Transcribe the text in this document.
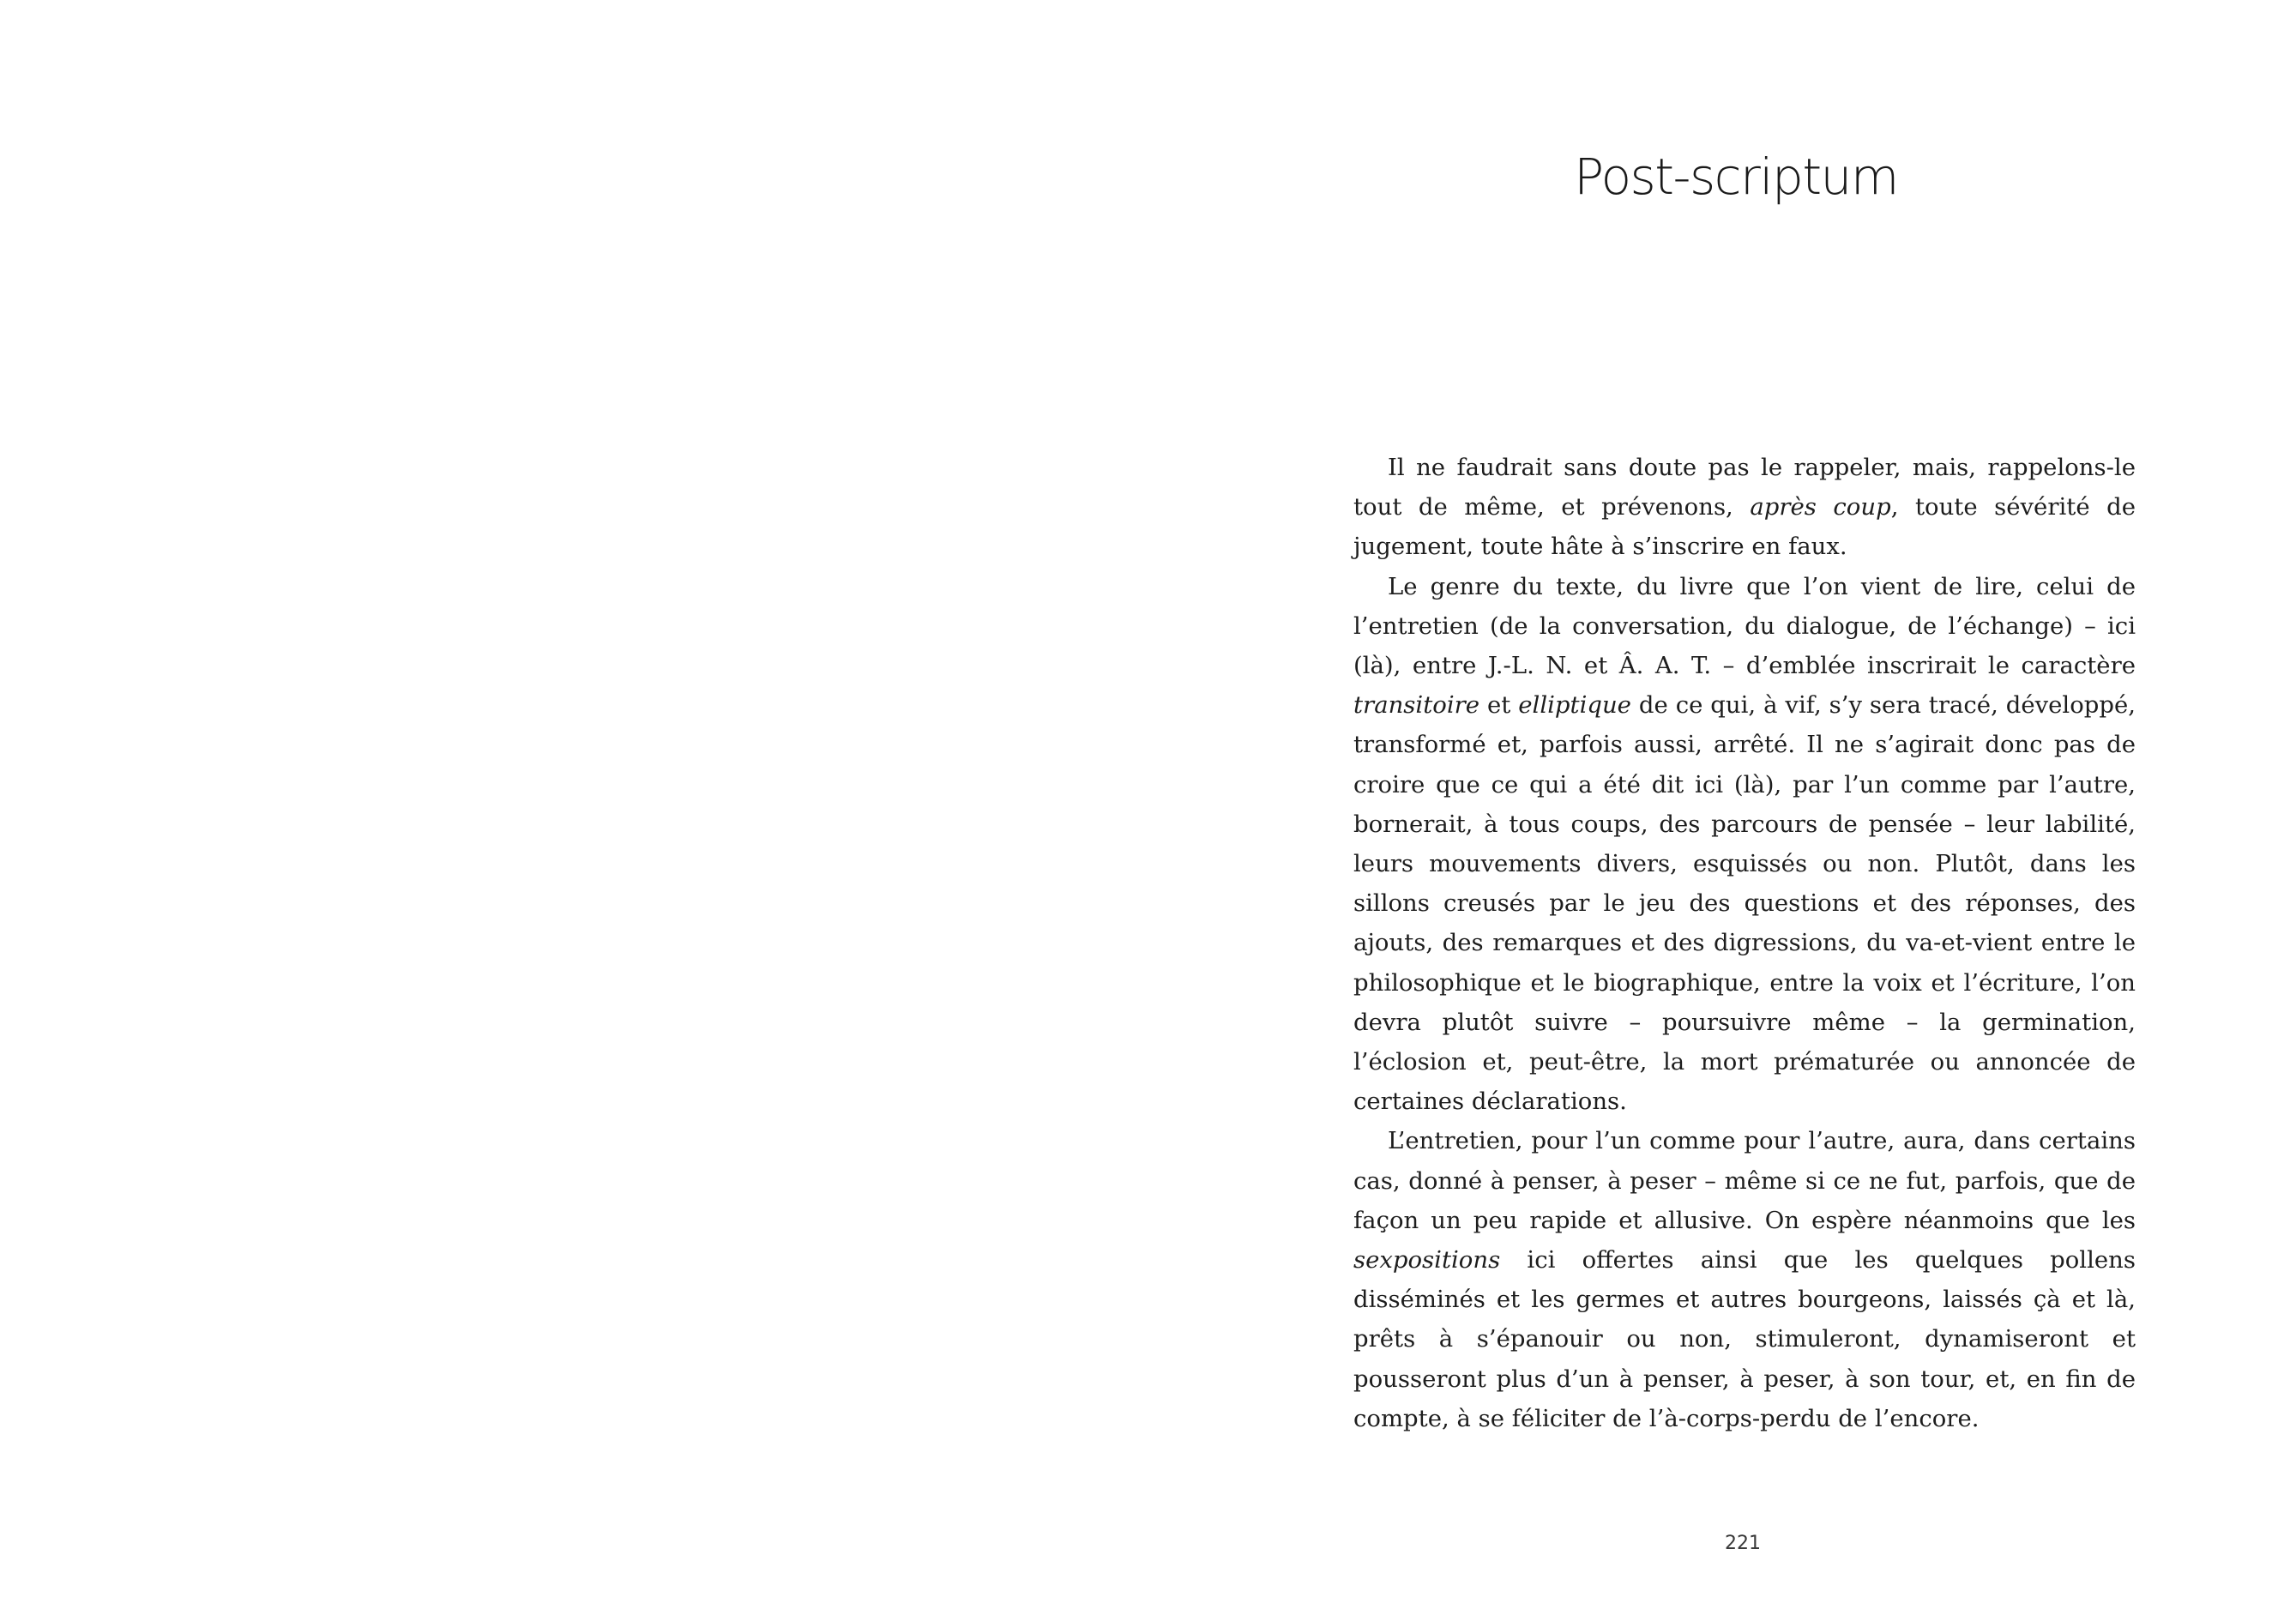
Post-scriptum

Il ne faudrait sans doute pas le rappeler, mais, rappelons-le tout de même, et prévenons, après coup, toute sévérité de jugement, toute hâte à s’inscrire en faux.

Le genre du texte, du livre que l’on vient de lire, celui de l’entretien (de la conversation, du dialogue, de l’échange) – ici (là), entre J.-L. N. et Â. A. T. – d’emblée inscrirait le caractère transitoire et elliptique de ce qui, à vif, s’y sera tracé, développé, transformé et, parfois aussi, arrêté. Il ne s’agirait donc pas de croire que ce qui a été dit ici (là), par l’un comme par l’autre, bornerait, à tous coups, des parcours de pensée – leur labilité, leurs mouvements divers, esquissés ou non. Plutôt, dans les sillons creusés par le jeu des questions et des réponses, des ajouts, des remarques et des digressions, du va-et-vient entre le philosophique et le biographique, entre la voix et l’écriture, l’on devra plutôt suivre – poursuivre même – la germination, l’éclosion et, peut-être, la mort prématurée ou annoncée de certaines déclarations.

L’entretien, pour l’un comme pour l’autre, aura, dans certains cas, donné à penser, à peser – même si ce ne fut, parfois, que de façon un peu rapide et allusive. On espère néanmoins que les sexpositions ici offertes ainsi que les quelques pollens disséminés et les germes et autres bourgeons, laissés çà et là, prêts à s’épanouir ou non, stimuleront, dynamiseront et pousseront plus d’un à penser, à peser, à son tour, et, en fin de compte, à se féliciter de l’à-corps-perdu de l’encore.

221
